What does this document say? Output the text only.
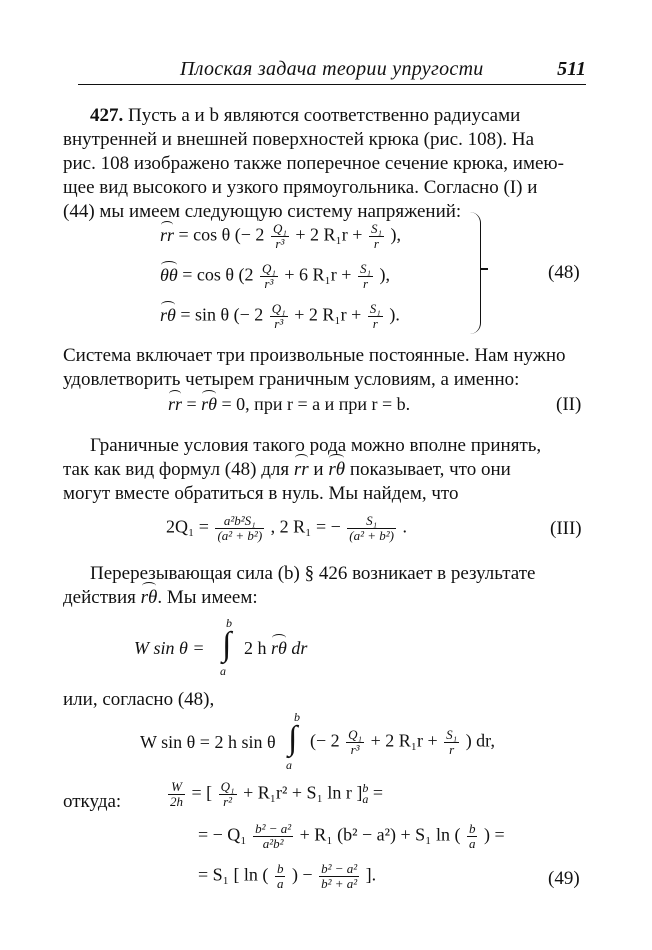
Плоская задача теории упругости	511
427. Пусть a и b являются соответственно радиусами
внутренней и внешней поверхностей крюка (рис. 108). На
рис. 108 изображено также поперечное сечение крюка, имею-
щее вид высокого и узкого прямоугольника. Согласно (I) и
(44) мы имеем следующую систему напряжений:
rr = cos θ (− $2 \frac{\text{Q₁}}{\text{r³}} + 2$ $R_1r + \frac{\text{S₁}}{r}$ ),
θθ = cos θ ($2 \frac{\text{Q₁}}{\text{r³}} + 6$ $R_1r + \frac{\text{S₁}}{r}$ ),
rθ = sin θ (− $2 \frac{\text{Q₁}}{\text{r³}} + 2$ $R_1r + \frac{\text{S₁}}{r}$ ).
(48)
Система включает три произвольные постоянные. Нам нужно
удовлетворить четырем граничным условиям, а именно:
rr = rθ = 0, при r = a и при r = b.	(II)
Граничные условия такого рода можно вполне принять,
так как вид формул (48) для rr и rθ показывает, что они
могут вместе обратиться в нуль. Мы найдем, что
$2Q_1 = \frac{\text{a²b²S₁}}{\text{(a² + b²)}}$ , 2 R₁ = − $\frac{\text{S₁}}{\text{(a² + b²)}}$ .	(III)
Перерезывающая сила (b) § 426 возникает в результате
действия rθ. Мы имеем:
W sin θ = ∫
b
a
2 h rθ dr
или, согласно (48),
W sin θ = 2 h sin θ ∫
b
a
(− $2 \frac{\text{Q₁}}{\text{r³}} + 2$ $R_1r + \frac{\text{S₁}}{r}$ ) dr,
откуда:	$\frac{W}{2h}$ = [ $\frac{\text{Q₁}}{\text{r²}} + R_1r^2 + S_1$ ln r ]$_a^b$ =
= − $Q_1 \frac{\text{b² − a²}}{\text{a²b²}} + R_1$ (b² − a²) + S₁ ln ( $\frac{b}{a}$ ) =
= S₁ [ ln ( $\frac{b}{a}$ ) − $\frac{\text{b² − a²}}{\text{b² + a²}}$ ].	(49)
